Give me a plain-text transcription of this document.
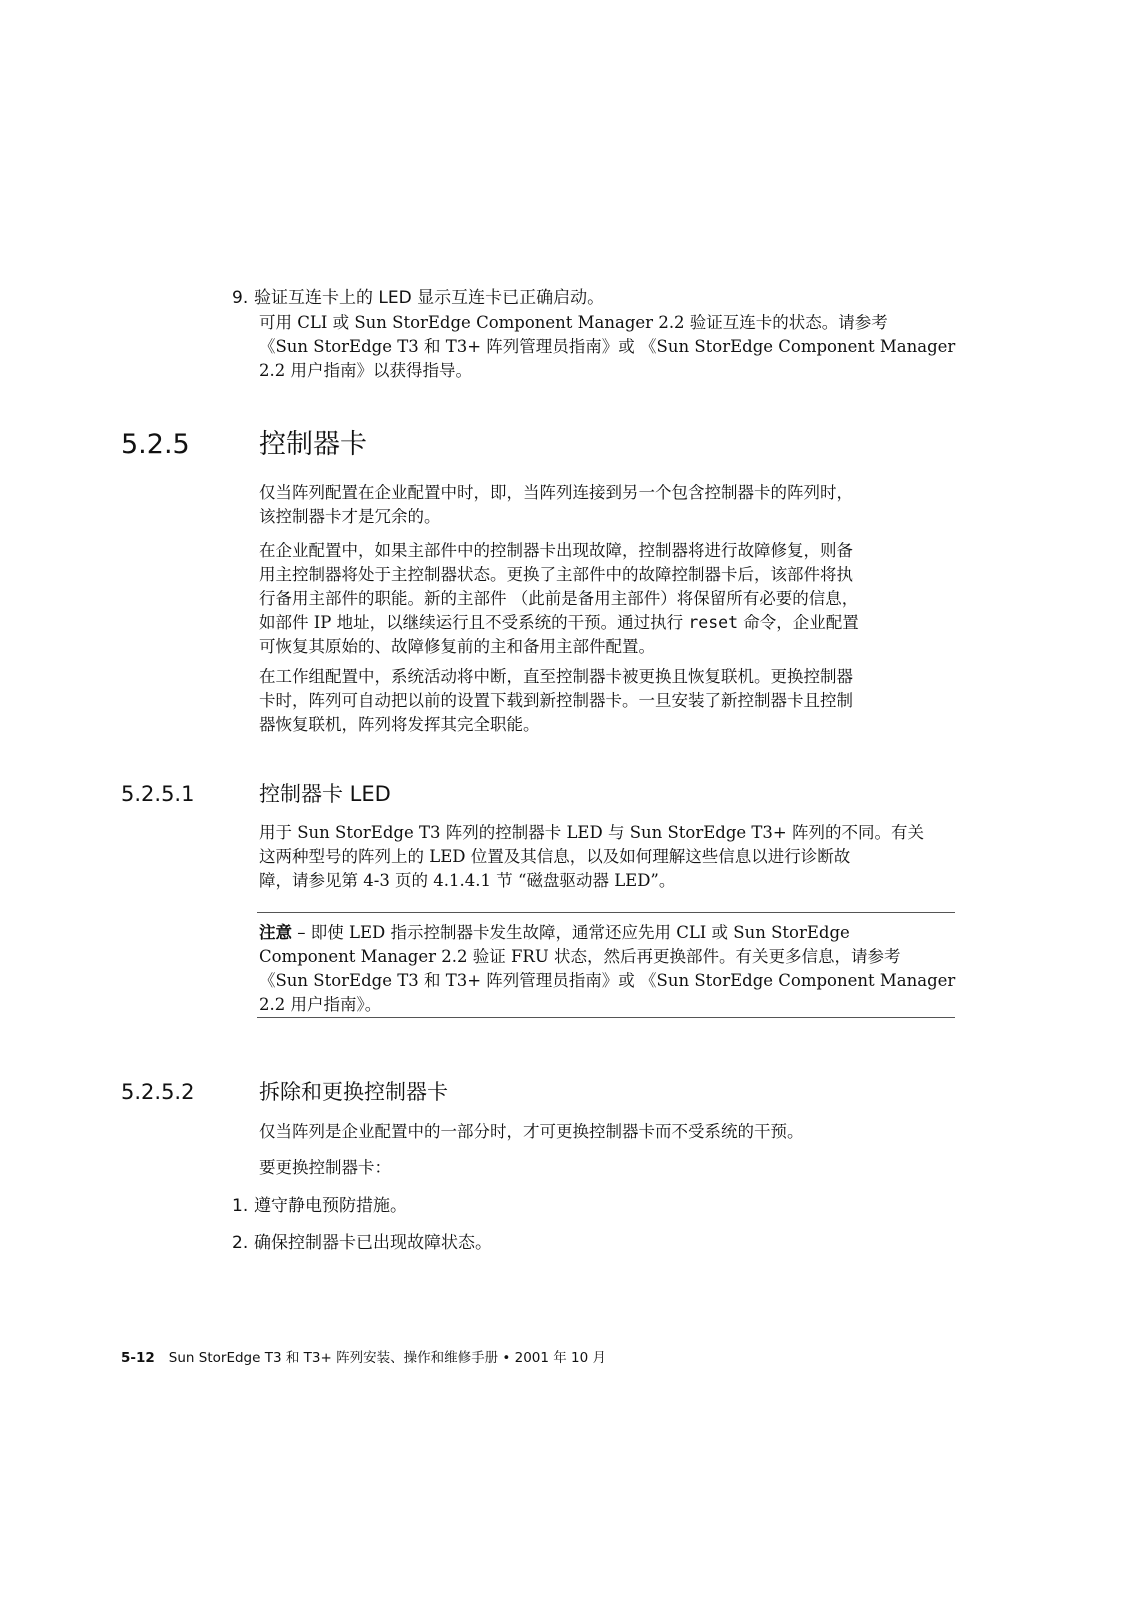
9. 验证互连卡上的 LED 显示互连卡已正确启动。
可用 CLI 或 Sun StorEdge Component Manager 2.2 验证互连卡的状态。请参考
《Sun StorEdge T3 和 T3+ 阵列管理员指南》或 《Sun StorEdge Component Manager
2.2 用户指南》以获得指导。
5.2.5	控制器卡
仅当阵列配置在企业配置中时，即，当阵列连接到另一个包含控制器卡的阵列时，
该控制器卡才是冗余的。
在企业配置中，如果主部件中的控制器卡出现故障，控制器将进行故障修复，则备
用主控制器将处于主控制器状态。更换了主部件中的故障控制器卡后，该部件将执
行备用主部件的职能。新的主部件 （此前是备用主部件）将保留所有必要的信息，
如部件 IP 地址，以继续运行且不受系统的干预。通过执行 reset 命令，企业配置
可恢复其原始的、故障修复前的主和备用主部件配置。
在工作组配置中，系统活动将中断，直至控制器卡被更换且恢复联机。更换控制器
卡时，阵列可自动把以前的设置下载到新控制器卡。一旦安装了新控制器卡且控制
器恢复联机，阵列将发挥其完全职能。
5.2.5.1	控制器卡 LED
用于 Sun StorEdge T3 阵列的控制器卡 LED 与 Sun StorEdge T3+ 阵列的不同。有关
这两种型号的阵列上的 LED 位置及其信息，以及如何理解这些信息以进行诊断故
障，请参见第 4-3 页的 4.1.4.1 节 “磁盘驱动器 LED”。
注意 – 即使 LED 指示控制器卡发生故障，通常还应先用 CLI 或 Sun StorEdge
Component Manager 2.2 验证 FRU 状态，然后再更换部件。有关更多信息，请参考
《Sun StorEdge T3 和 T3+ 阵列管理员指南》或 《Sun StorEdge Component Manager
2.2 用户指南》。
5.2.5.2	拆除和更换控制器卡
仅当阵列是企业配置中的一部分时，才可更换控制器卡而不受系统的干预。
要更换控制器卡：
1. 遵守静电预防措施。
2. 确保控制器卡已出现故障状态。
5-12 Sun StorEdge T3 和 T3+ 阵列安装、操作和维修手册 • 2001 年 10 月
